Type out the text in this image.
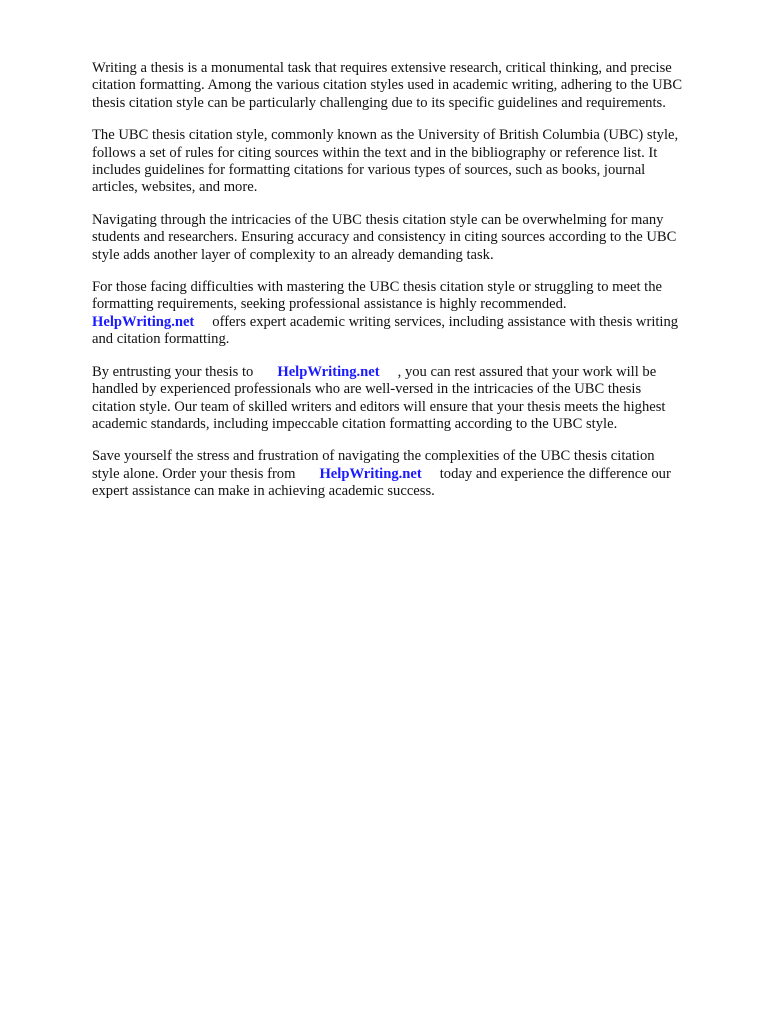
Writing a thesis is a monumental task that requires extensive research, critical thinking, and precise
citation formatting. Among the various citation styles used in academic writing, adhering to the UBC
thesis citation style can be particularly challenging due to its specific guidelines and requirements.

The UBC thesis citation style, commonly known as the University of British Columbia (UBC) style,
follows a set of rules for citing sources within the text and in the bibliography or reference list. It
includes guidelines for formatting citations for various types of sources, such as books, journal
articles, websites, and more.

Navigating through the intricacies of the UBC thesis citation style can be overwhelming for many
students and researchers. Ensuring accuracy and consistency in citing sources according to the UBC
style adds another layer of complexity to an already demanding task.

For those facing difficulties with mastering the UBC thesis citation style or struggling to meet the
formatting requirements, seeking professional assistance is highly recommended.
HelpWriting.net offers expert academic writing services, including assistance with thesis writing
and citation formatting.

By entrusting your thesis to HelpWriting.net , you can rest assured that your work will be
handled by experienced professionals who are well-versed in the intricacies of the UBC thesis
citation style. Our team of skilled writers and editors will ensure that your thesis meets the highest
academic standards, including impeccable citation formatting according to the UBC style.

Save yourself the stress and frustration of navigating the complexities of the UBC thesis citation
style alone. Order your thesis from HelpWriting.net today and experience the difference our
expert assistance can make in achieving academic success.
